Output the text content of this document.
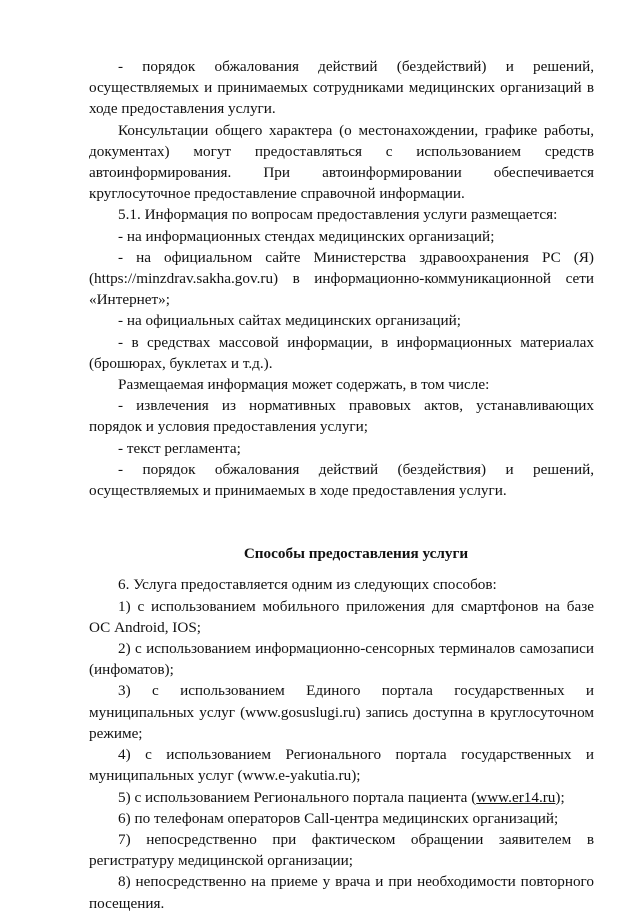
- порядок обжалования действий (бездействий) и решений, осуществляемых и принимаемых сотрудниками медицинских организаций в ходе предоставления услуги.

Консультации общего характера (о местонахождении, графике работы, документах) могут предоставляться с использованием средств автоинформирования. При автоинформировании обеспечивается круглосуточное предоставление справочной информации.

5.1. Информация по вопросам предоставления услуги размещается:

- на информационных стендах медицинских организаций;

- на официальном сайте Министерства здравоохранения РС (Я) (https://minzdrav.sakha.gov.ru) в информационно-коммуникационной сети «Интернет»;

- на официальных сайтах медицинских организаций;

- в средствах массовой информации, в информационных материалах (брошюрах, буклетах и т.д.).

Размещаемая информация может содержать, в том числе:

- извлечения из нормативных правовых актов, устанавливающих порядок и условия предоставления услуги;

- текст регламента;

- порядок обжалования действий (бездействия) и решений, осуществляемых и принимаемых в ходе предоставления услуги.

Способы предоставления услуги

6. Услуга предоставляется одним из следующих способов:

1) с использованием мобильного приложения для смартфонов на базе ОС Android, IOS;

2) с использованием информационно-сенсорных терминалов самозаписи (инфоматов);

3) с использованием Единого портала государственных и муниципальных услуг (www.gosuslugi.ru) запись доступна в круглосуточном режиме;

4) с использованием Регионального портала государственных и муниципальных услуг (www.e-yakutia.ru);

5) с использованием Регионального портала пациента (www.er14.ru);

6) по телефонам операторов Call-центра медицинских организаций;

7) непосредственно при фактическом обращении заявителем в регистратуру медицинской организации;

8) непосредственно на приеме у врача и при необходимости повторного посещения.
